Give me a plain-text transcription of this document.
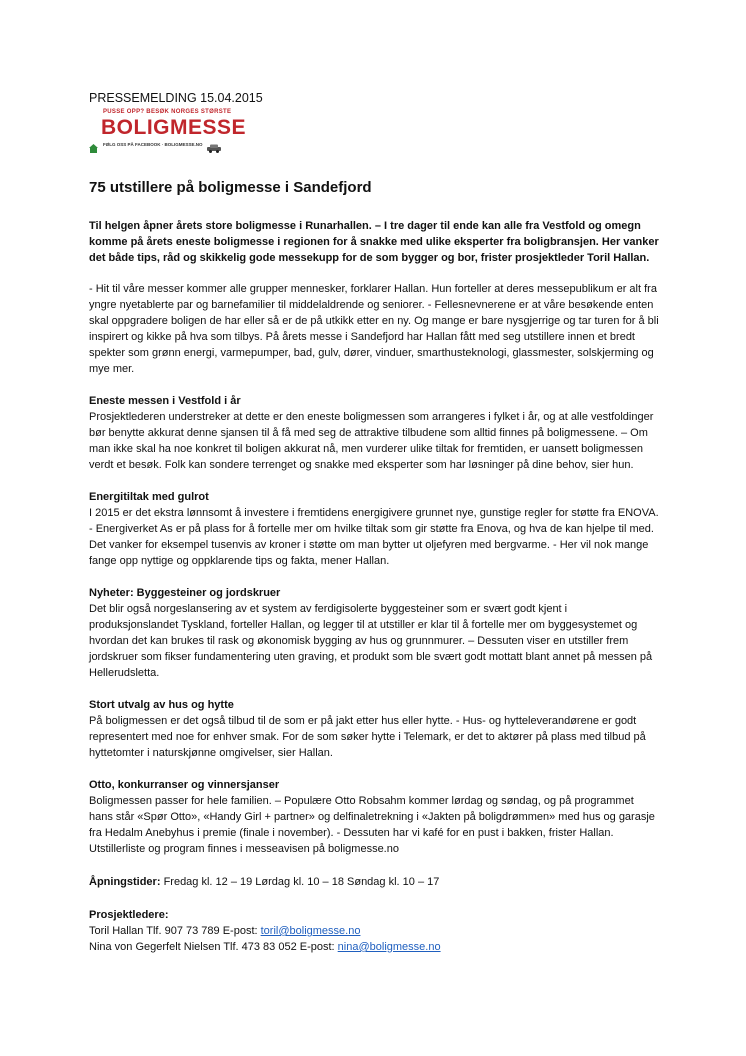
PRESSEMELDING 15.04.2015

PUSSE OPP? BESØK NORGES STØRSTE
BOLIGMESSE
FØLG OSS PÅ FACEBOOK · BOLIGMESSE.NO
75 utstillere på boligmesse i Sandefjord

Til helgen åpner årets store boligmesse i Runarhallen. – I tre dager til ende kan alle fra Vestfold og omegn komme på årets eneste boligmesse i regionen for å snakke med ulike eksperter fra boligbransjen. Her vanker det både tips, råd og skikkelig gode messekupp for de som bygger og bor, frister prosjektleder Toril Hallan.

- Hit til våre messer kommer alle grupper mennesker, forklarer Hallan. Hun forteller at deres messepublikum er alt fra yngre nyetablerte par og barnefamilier til middelaldrende og seniorer. - Fellesnevnerene er at våre besøkende enten skal oppgradere boligen de har eller så er de på utkikk etter en ny. Og mange er bare nysgjerrige og tar turen for å bli inspirert og kikke på hva som tilbys. På årets messe i Sandefjord har Hallan fått med seg utstillere innen et bredt spekter som grønn energi, varmepumper, bad, gulv, dører, vinduer, smarthusteknologi, glassmester, solskjerming og mye mer.

Eneste messen i Vestfold i år

Prosjektlederen understreker at dette er den eneste boligmessen som arrangeres i fylket i år, og at alle vestfoldinger bør benytte akkurat denne sjansen til å få med seg de attraktive tilbudene som alltid finnes på boligmessene. – Om man ikke skal ha noe konkret til boligen akkurat nå, men vurderer ulike tiltak for fremtiden, er uansett boligmessen verdt et besøk. Folk kan sondere terrenget og snakke med eksperter som har løsninger på dine behov, sier hun.

Energitiltak med gulrot

I 2015 er det ekstra lønnsomt å investere i fremtidens energigivere grunnet nye, gunstige regler for støtte fra ENOVA. - Energiverket As er på plass for å fortelle mer om hvilke tiltak som gir støtte fra Enova, og hva de kan hjelpe til med. Det vanker for eksempel tusenvis av kroner i støtte om man bytter ut oljefyren med bergvarme. - Her vil nok mange fange opp nyttige og oppklarende tips og fakta, mener Hallan.

Nyheter: Byggesteiner og jordskruer

Det blir også norgeslansering av et system av ferdigisolerte byggesteiner som er svært godt kjent i produksjonslandet Tyskland, forteller Hallan, og legger til at utstiller er klar til å fortelle mer om byggesystemet og hvordan det kan brukes til rask og økonomisk bygging av hus og grunnmurer. – Dessuten viser en utstiller frem jordskruer som fikser fundamentering uten graving, et produkt som ble svært godt mottatt blant annet på messen på Hellerudsletta.

Stort utvalg av hus og hytte

På boligmessen er det også tilbud til de som er på jakt etter hus eller hytte. - Hus- og hytteleverandørene er godt representert med noe for enhver smak. For de som søker hytte i Telemark, er det to aktører på plass med tilbud på hyttetomter i naturskjønne omgivelser, sier Hallan.

Otto, konkurranser og vinnersjanser

Boligmessen passer for hele familien. – Populære Otto Robsahm kommer lørdag og søndag, og på programmet hans står «Spør Otto», «Handy Girl + partner» og delfinaletrekning i «Jakten på boligdrømmen» med hus og garasje fra Hedalm Anebyhus i premie (finale i november). - Dessuten har vi kafé for en pust i bakken, frister Hallan. Utstillerliste og program finnes i messeavisen på boligmesse.no

Åpningstider: Fredag kl. 12 – 19 Lørdag kl. 10 – 18 Søndag kl. 10 – 17
Prosjektledere:

Toril Hallan Tlf. 907 73 789 E-post: toril@boligmesse.no

Nina von Gegerfelt Nielsen Tlf. 473 83 052 E-post: nina@boligmesse.no
